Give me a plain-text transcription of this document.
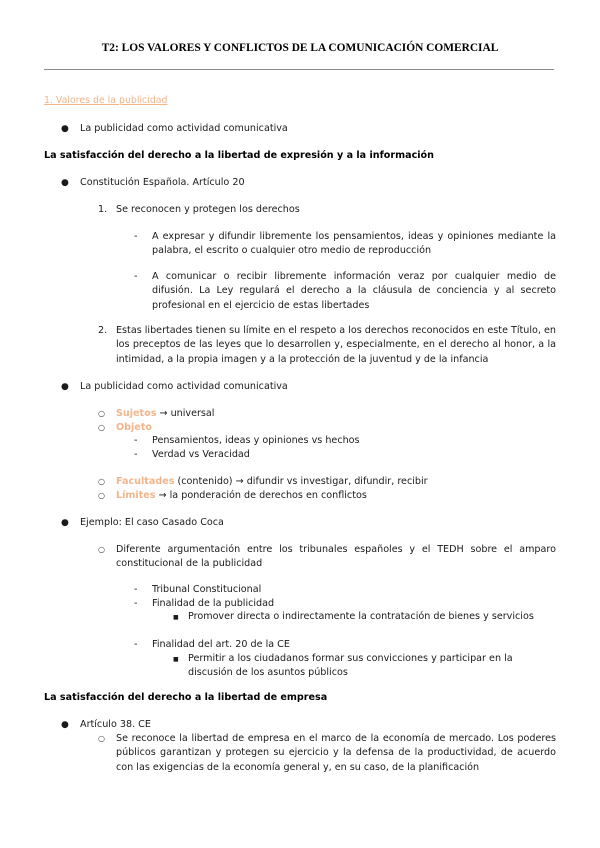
T2: LOS VALORES Y CONFLICTOS DE LA COMUNICACIÓN COMERCIAL
1. Valores de la publicidad
● La publicidad como actividad comunicativa
La satisfacción del derecho a la libertad de expresión y a la información
● Constitución Española. Artículo 20
1. Se reconocen y protegen los derechos
- A expresar y difundir libremente los pensamientos, ideas y opiniones mediante la palabra, el escrito o cualquier otro medio de reproducción
- A comunicar o recibir libremente información veraz por cualquier medio de difusión. La Ley regulará el derecho a la cláusula de conciencia y al secreto profesional en el ejercicio de estas libertades
2. Estas libertades tienen su límite en el respeto a los derechos reconocidos en este Título, en los preceptos de las leyes que lo desarrollen y, especialmente, en el derecho al honor, a la intimidad, a la propia imagen y a la protección de la juventud y de la infancia
● La publicidad como actividad comunicativa
○ Sujetos → universal
○ Objeto
- Pensamientos, ideas y opiniones vs hechos
- Verdad vs Veracidad
○ Facultades (contenido) → difundir vs investigar, difundir, recibir
○ Límites → la ponderación de derechos en conflictos
● Ejemplo: El caso Casado Coca
○ Diferente argumentación entre los tribunales españoles y el TEDH sobre el amparo constitucional de la publicidad
- Tribunal Constitucional
- Finalidad de la publicidad
■ Promover directa o indirectamente la contratación de bienes y servicios
- Finalidad del art. 20 de la CE
■ Permitir a los ciudadanos formar sus convicciones y participar en la discusión de los asuntos públicos
La satisfacción del derecho a la libertad de empresa
● Artículo 38. CE
○ Se reconoce la libertad de empresa en el marco de la economía de mercado. Los poderes públicos garantizan y protegen su ejercicio y la defensa de la productividad, de acuerdo con las exigencias de la economía general y, en su caso, de la planificación
